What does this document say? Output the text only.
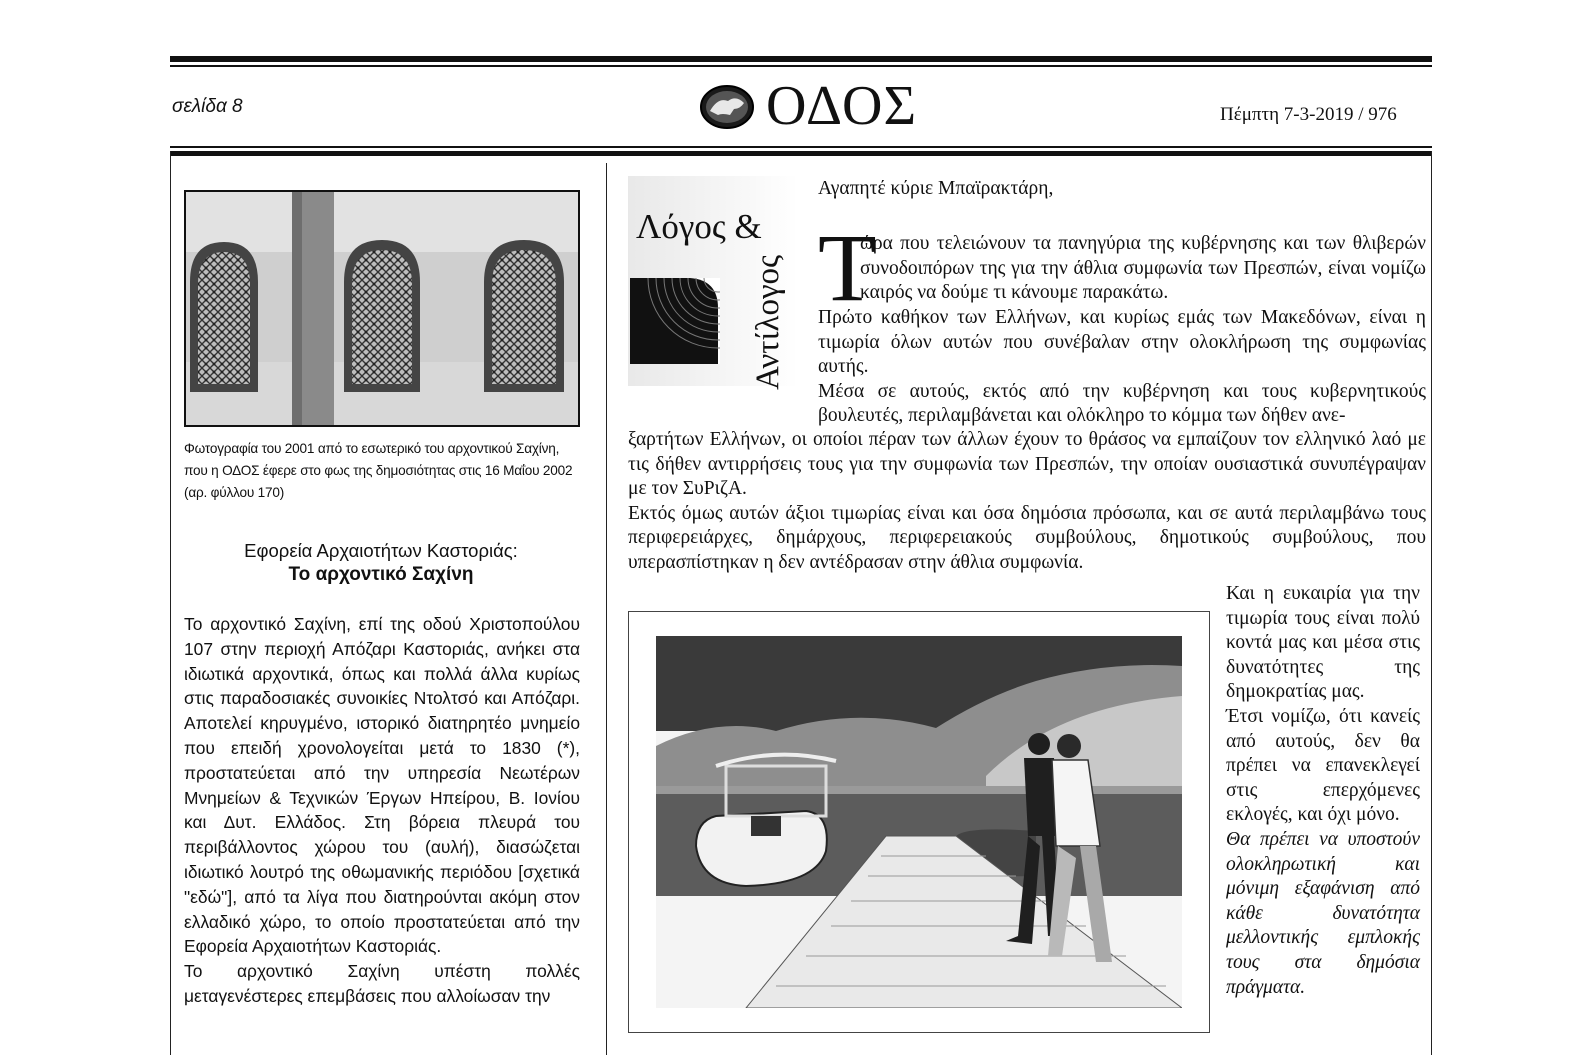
σελίδα 8	ΟΔΟΣ	Πέμπτη 7-3-2019 / 976
Φωτογραφία του 2001 από το εσωτερικό του αρχοντικού Σαχίνη, που η ΟΔΟΣ έφερε στο φως της δημοσιότητας στις 16 Μαΐου 2002 (αρ. φύλλου 170)
Εφορεία Αρχαιοτήτων Καστοριάς:
Το αρχοντικό Σαχίνη

Το αρχοντικό Σαχίνη, επί της οδού Χριστοπούλου 107 στην περιοχή Απόζαρι Καστοριάς, ανήκει στα ιδιωτικά αρχοντικά, όπως και πολλά άλλα κυρίως στις παραδοσιακές συνοικίες Ντολτσό και Απόζαρι. Αποτελεί κηρυγμένο, ιστορικό διατηρητέο μνημείο που επειδή χρονολογείται μετά το 1830 (*), προστατεύεται από την υπηρεσία Νεωτέρων Μνημείων & Τεχνικών Έργων Ηπείρου, Β. Ιονίου και Δυτ. Ελλάδος. Στη βόρεια πλευρά του περιβάλλοντος χώρου του (αυλή), διασώζεται ιδιωτικό λουτρό της οθωμανικής περιόδου [σχετικά "εδώ"], από τα λίγα που διατηρούνται ακόμη στον ελλαδικό χώρο, το οποίο προστατεύεται από την Εφορεία Αρχαιοτήτων Καστοριάς.

Το αρχοντικό Σαχίνη υπέστη πολλές μεταγενέστερες επεμβάσεις που αλλοίωσαν την

Λόγος &
Αντίλογος
Αγαπητέ κύριε Μπαϊρακτάρη,
Τ
ώρα που τελειώνουν τα πανηγύρια της κυβέρνησης και των θλιβερών συνοδοιπόρων της για την άθλια συμφωνία των Πρεσπών, είναι νομίζω καιρός να δούμε τι κάνουμε παρακάτω.

Πρώτο καθήκον των Ελλήνων, και κυρίως εμάς των Μακεδόνων, είναι η τιμωρία όλων αυτών που συνέβαλαν στην ολοκλήρωση της συμφωνίας αυτής.

Μέσα σε αυτούς, εκτός από την κυβέρνηση και τους κυβερνητικούς βουλευτές, περιλαμβάνεται και ολόκληρο το κόμμα των δήθεν ανε-

ξαρτήτων Ελλήνων, οι οποίοι πέραν των άλλων έχουν το θράσος να εμπαίζουν τον ελληνικό λαό με τις δήθεν αντιρρήσεις τους για την συμφωνία των Πρεσπών, την οποίαν ουσιαστικά συνυπέγραψαν με τον ΣυΡιζΑ.

Εκτός όμως αυτών άξιοι τιμωρίας είναι και όσα δημόσια πρόσωπα, και σε αυτά περιλαμβάνω τους περιφερειάρχες, δημάρχους, περιφερειακούς συμβούλους, δημοτικούς συμβούλους, που υπερασπίστηκαν η δεν αντέδρασαν στην άθλια συμφωνία.

Και η ευκαιρία για την τιμωρία τους είναι πολύ κοντά μας και μέσα στις δυνατότητες της δημοκρατίας μας.

Έτσι νομίζω, ότι κανείς από αυτούς, δεν θα πρέπει να επανεκλεγεί στις επερχόμενες εκλογές, και όχι μόνο.

Θα πρέπει να υποστούν ολοκληρωτική και μόνιμη εξαφάνιση από κάθε δυνατότητα μελλοντικής εμπλοκής τους στα δημόσια πράγματα.
